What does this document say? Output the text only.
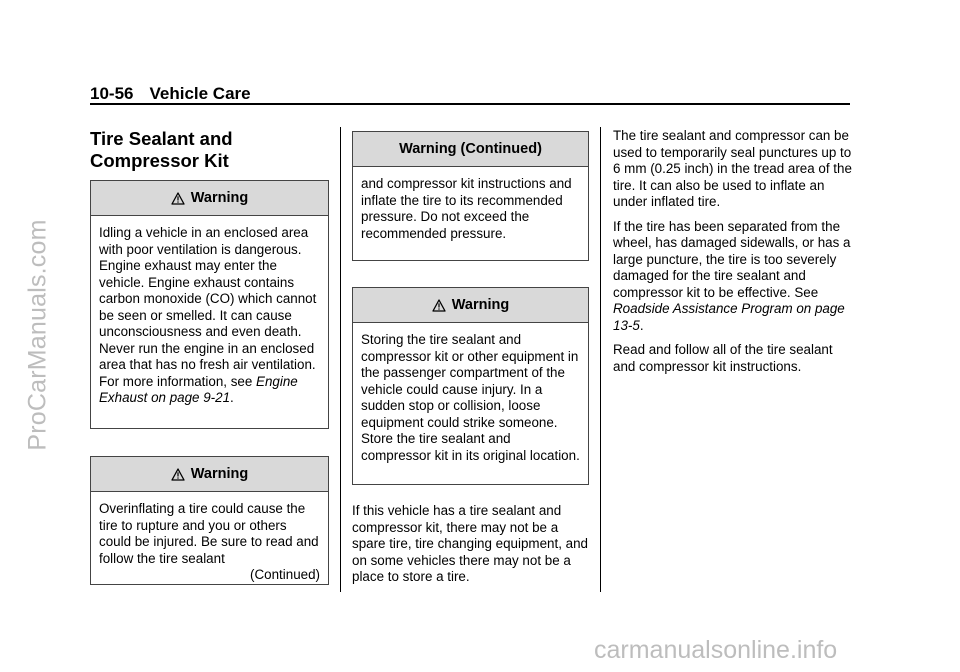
10-56 Vehicle Care
ProCarManuals.com
carmanualsonline.info
Tire Sealant and
Compressor Kit
Warning
Idling a vehicle in an enclosed area with poor ventilation is dangerous. Engine exhaust may enter the vehicle. Engine exhaust contains carbon monoxide (CO) which cannot be seen or smelled. It can cause unconsciousness and even death. Never run the engine in an enclosed area that has no fresh air ventilation. For more information, see Engine Exhaust on page 9-21.
Warning
Overinflating a tire could cause the tire to rupture and you or others could be injured. Be sure to read and follow the tire sealant
(Continued)
Warning (Continued)
and compressor kit instructions and inflate the tire to its recommended pressure. Do not exceed the recommended pressure.
Warning
Storing the tire sealant and compressor kit or other equipment in the passenger compartment of the vehicle could cause injury. In a sudden stop or collision, loose equipment could strike someone. Store the tire sealant and compressor kit in its original location.
If this vehicle has a tire sealant and compressor kit, there may not be a spare tire, tire changing equipment, and on some vehicles there may not be a place to store a tire.

The tire sealant and compressor can be used to temporarily seal punctures up to 6 mm (0.25 inch) in the tread area of the tire. It can also be used to inflate an under inflated tire.

If the tire has been separated from the wheel, has damaged sidewalls, or has a large puncture, the tire is too severely damaged for the tire sealant and compressor kit to be effective. See Roadside Assistance Program on page 13-5.

Read and follow all of the tire sealant and compressor kit instructions.
